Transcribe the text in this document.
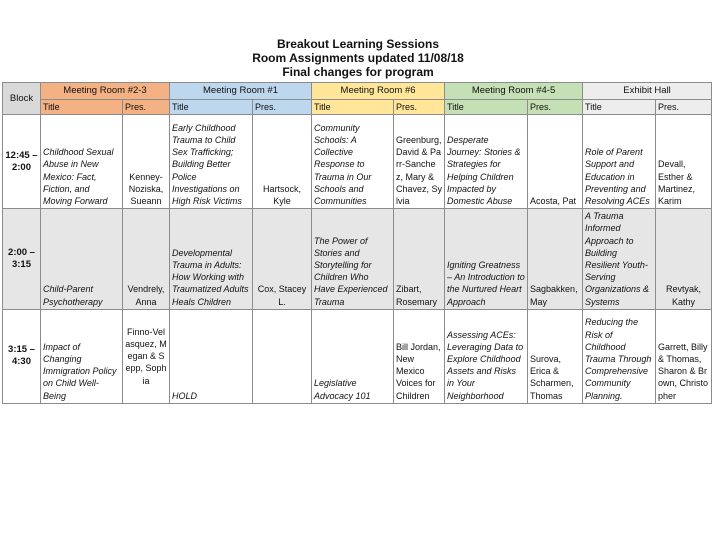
Breakout Learning Sessions
Room Assignments updated 11/08/18
Final changes for program
Block	Meeting Room #2-3		Meeting Room #1		Meeting Room #6		Meeting Room #4-5		Exhibit Hall	
	Title	Pres.	Title	Pres.	Title	Pres.	Title	Pres.	Title	Pres.
12:45 – 2:00	Childhood Sexual Abuse in New Mexico: Fact, Fiction, and Moving Forward	Kenney-Noziska, Sueann	Early Childhood Trauma to Child Sex Trafficking; Building Better Police Investigations on High Risk Victims	Hartsock, Kyle	Community Schools: A Collective Response to Trauma in Our Schools and Communities	Greenburg, David & Parr-Sanchez, Mary & Chavez, Sylvia	Desperate Journey: Stories & Strategies for Helping Children Impacted by Domestic Abuse	Acosta, Pat	Role of Parent Support and Education in Preventing and Resolving ACEs	Devall, Esther & Martinez, Karim
2:00 – 3:15	Child-Parent Psychotherapy	Vendrely, Anna	Developmental Trauma in Adults: How Working with Traumatized Adults Heals Children	Cox, Stacey L.	The Power of Stories and Storytelling for Children Who Have Experienced Trauma	Zibart, Rosemary	Igniting Greatness – An Introduction to the Nurtured Heart Approach	Sagbakken, May	A Trauma Informed Approach to Building Resilient Youth-Serving Organizations & Systems	Revtyak, Kathy
3:15 – 4:30	Impact of Changing Immigration Policy on Child Well-Being	Finno-Velasquez, Megan & Sepp, Sophia	HOLD		Legislative Advocacy 101	Bill Jordan, New Mexico Voices for Children	Assessing ACEs: Leveraging Data to Explore Childhood Assets and Risks in Your Neighborhood	Surova, Erica & Scharmen, Thomas	Reducing the Risk of Childhood Trauma Through Comprehensive Community Planning.	Garrett, Billy & Thomas, Sharon & Brown, Christopher
